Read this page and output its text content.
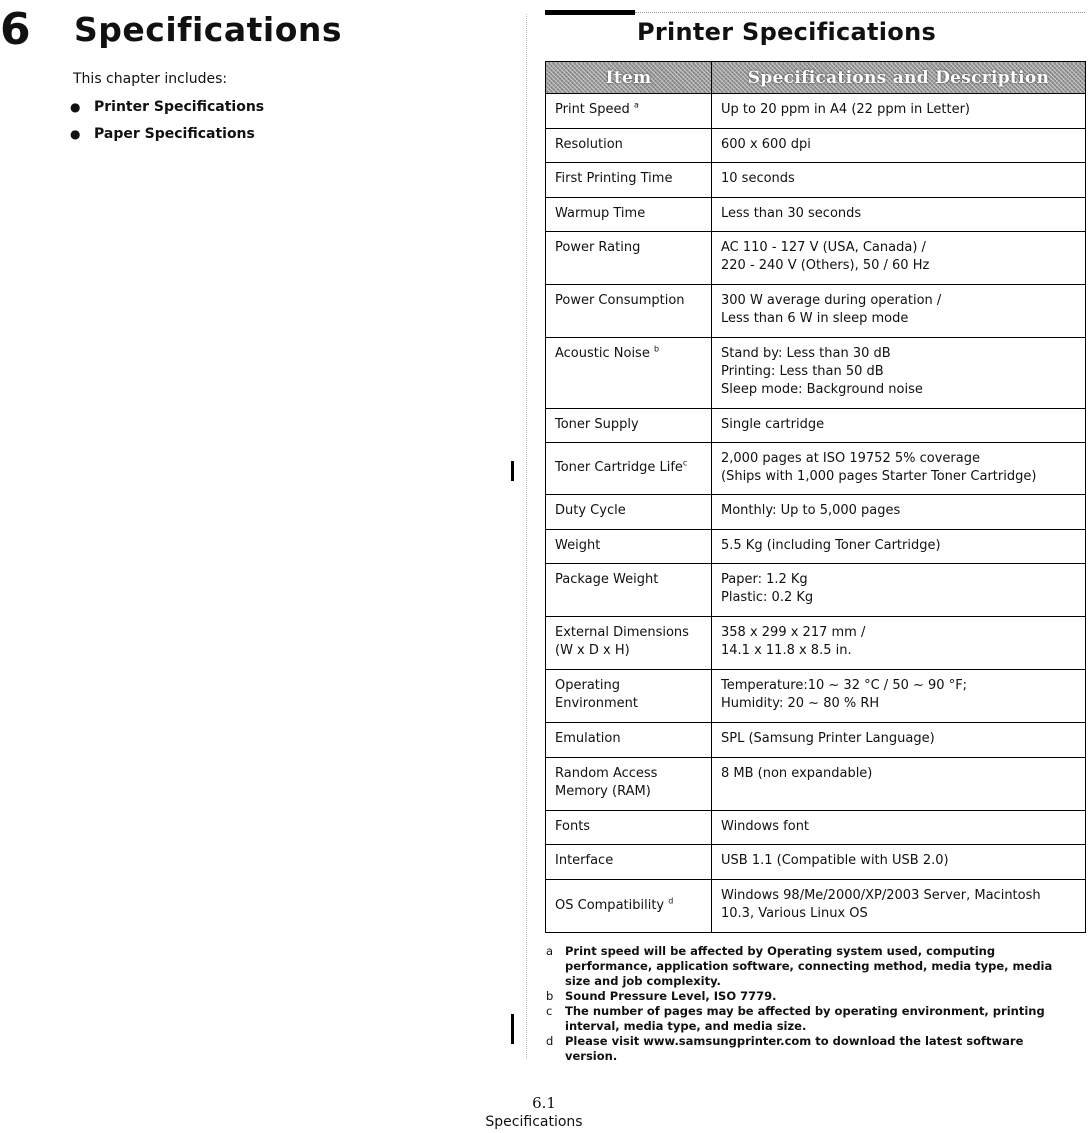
6 Specifications
This chapter includes:
● Printer Specifications
● Paper Specifications
Printer Specifications
Item	Specifications and Description
Print Speed $^a$	Up to 20 ppm in A4 (22 ppm in Letter)
Resolution	600 x 600 dpi
First Printing Time	10 seconds
Warmup Time	Less than 30 seconds
Power Rating	AC 110 - 127 V (USA, Canada) /
220 - 240 V (Others), 50 / 60 Hz
Power Consumption	300 W average during operation /
Less than 6 W in sleep mode
Acoustic Noise $^b$	Stand by: Less than 30 dB
Printing: Less than 50 dB
Sleep mode: Background noise
Toner Supply	Single cartridge
Toner Cartridge Life$^c$	2,000 pages at ISO 19752 5% coverage
(Ships with 1,000 pages Starter Toner Cartridge)
Duty Cycle	Monthly: Up to 5,000 pages
Weight	5.5 Kg (including Toner Cartridge)
Package Weight	Paper: 1.2 Kg
Plastic: 0.2 Kg
External Dimensions
(W x D x H)	358 x 299 x 217 mm /
14.1 x 11.8 x 8.5 in.
Operating
Environment	Temperature:10 ~ 32 °C / 50 ~ 90 °F;
Humidity: 20 ~ 80 % RH
Emulation	SPL (Samsung Printer Language)
Random Access
Memory (RAM)	8 MB (non expandable)
Fonts	Windows font
Interface	USB 1.1 (Compatible with USB 2.0)
OS Compatibility $^d$	Windows 98/Me/2000/XP/2003 Server, Macintosh
10.3, Various Linux OS
a	Print speed will be affected by Operating system used, computing performance, application software, connecting method, media type, media size and job complexity.
b	Sound Pressure Level, ISO 7779.
c	The number of pages may be affected by operating environment, printing interval, media type, and media size.
d	Please visit www.samsungprinter.com to download the latest software version.
6.1
Specifications
